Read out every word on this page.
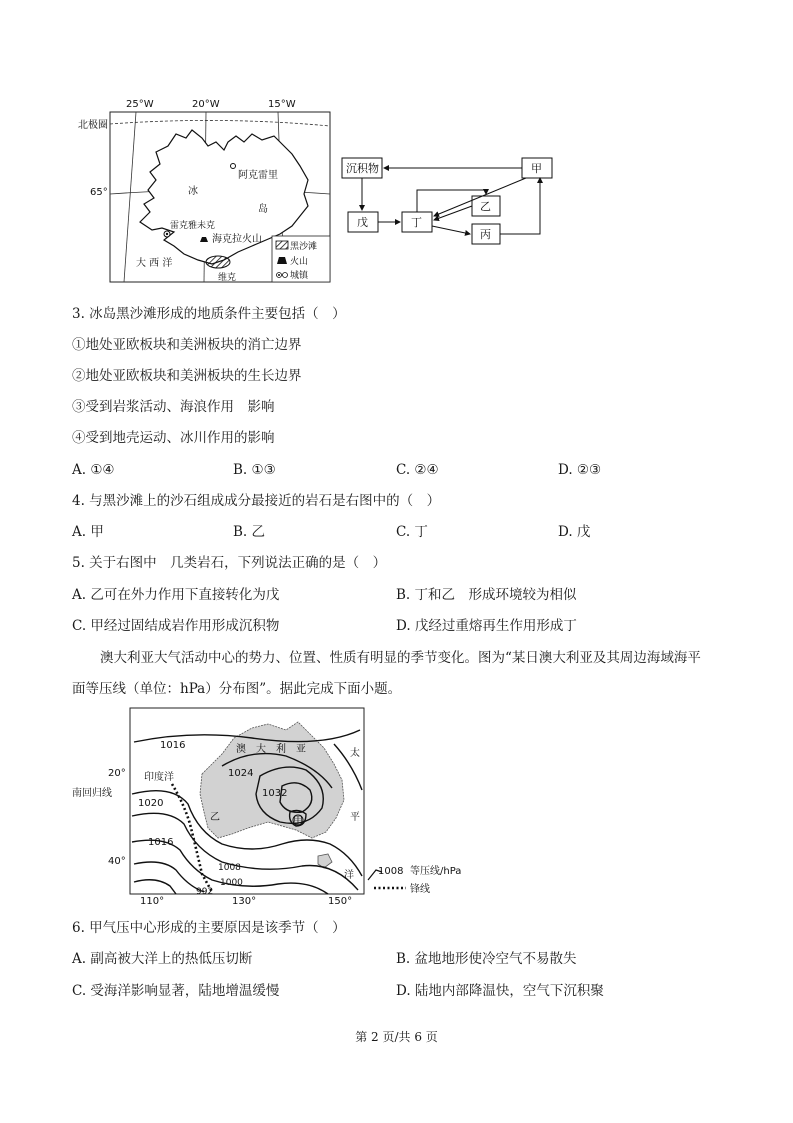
25°W	20°W	15°W
北极圈
65°
阿克雷里
冰
岛
雷克雅未克
海克拉火山
大 西 洋
维克
黑沙滩
火山
城镇
沉积物	甲
戊	丁
乙
丙
3. 冰岛黑沙滩形成的地质条件主要包括（　）
①地处亚欧板块和美洲板块的消亡边界
②地处亚欧板块和美洲板块的生长边界
③受到岩浆活动、海浪作用　影响
④受到地壳运动、冰川作用的影响
A. ①④	B. ①③	C. ②④	D. ②③
4. 与黑沙滩上的沙石组成成分最接近的岩石是右图中的（　）
A. 甲	B. 乙	C. 丁	D. 戊
5. 关于右图中　几类岩石，下列说法正确的是（　）
A. 乙可在外力作用下直接转化为戊	B. 丁和乙　形成环境较为相似
C. 甲经过固结成岩作用形成沉积物	D. 戊经过重熔再生作用形成丁
澳大利亚大气活动中心的势力、位置、性质有明显的季节变化。图为“某日澳大利亚及其周边海域海平
面等压线（单位：hPa）分布图”。据此完成下面小题。
20°
南回归线
40°
110°	130°	150°
1016
1024
1032
1020
1016
1008
1000
992
澳 大 利 亚
印度洋
乙	甲
太
平
洋 1008 等压线/hPa
锋线
6. 甲气压中心形成的主要原因是该季节（　）
A. 副高被大洋上的热低压切断	B. 盆地地形使冷空气不易散失
C. 受海洋影响显著，陆地增温缓慢	D. 陆地内部降温快，空气下沉积聚
第 2 页/共 6 页
